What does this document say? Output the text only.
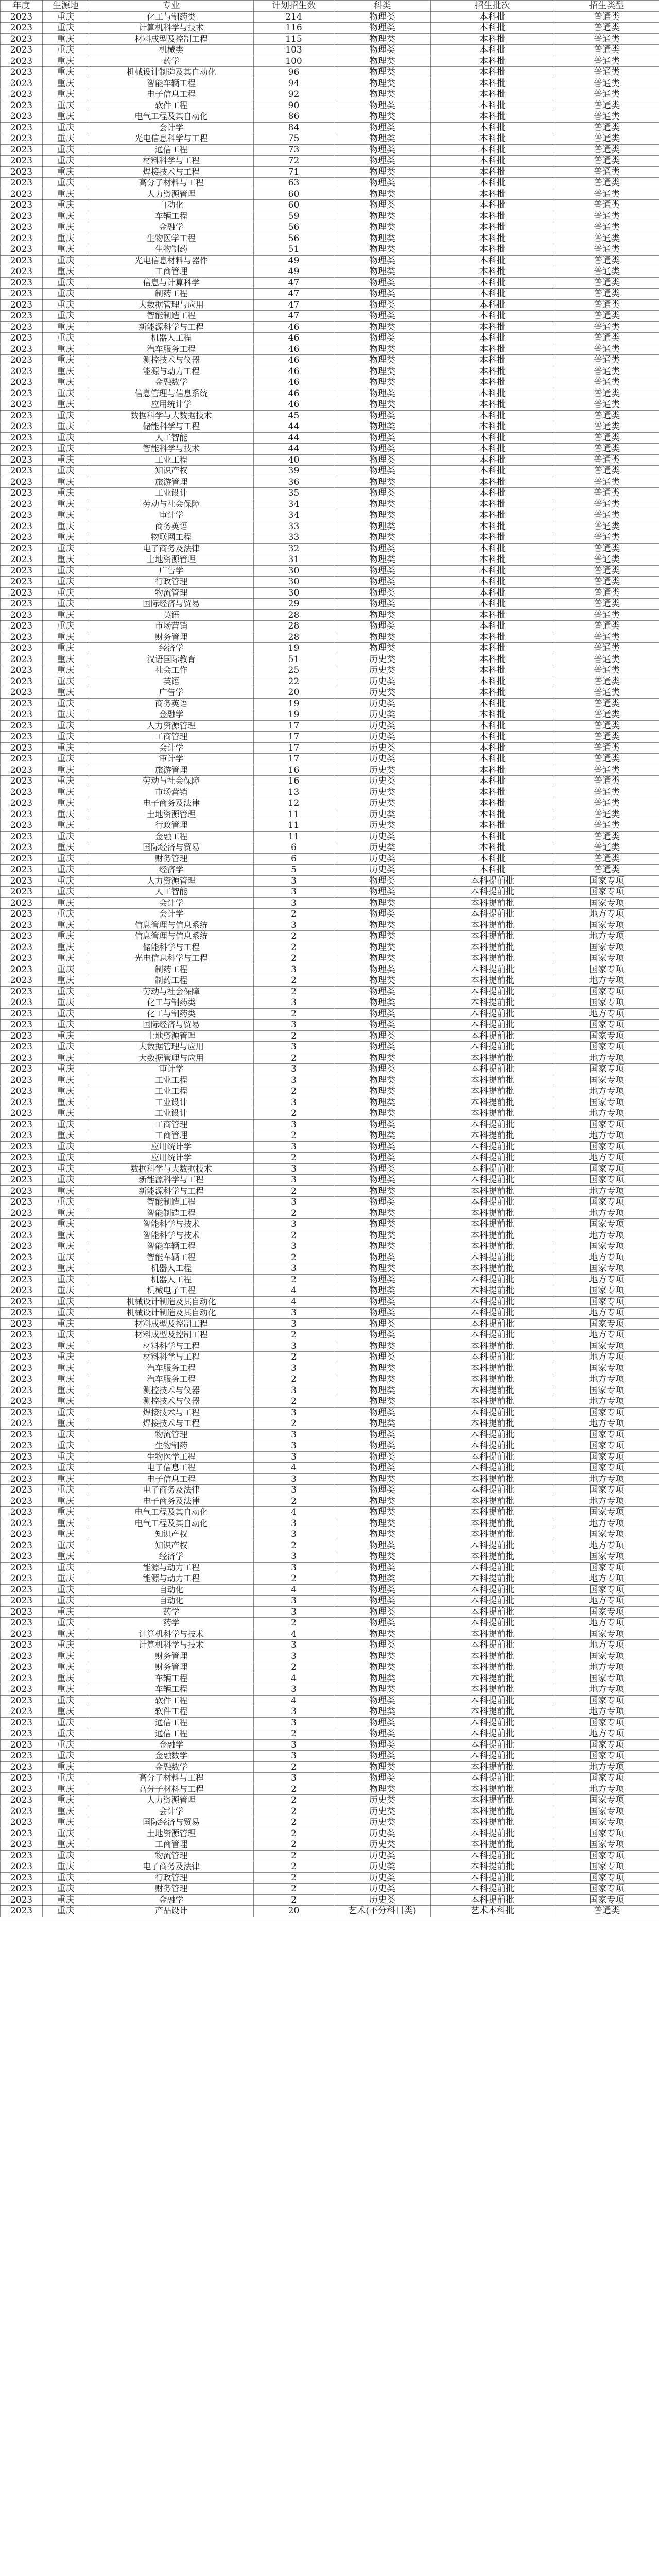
年度	生源地	专业	计划招生数	科类	招生批次	招生类型
2023	重庆	化工与制药类	214	物理类	本科批	普通类
2023	重庆	计算机科学与技术	116	物理类	本科批	普通类
2023	重庆	材料成型及控制工程	115	物理类	本科批	普通类
2023	重庆	机械类	103	物理类	本科批	普通类
2023	重庆	药学	100	物理类	本科批	普通类
2023	重庆	机械设计制造及其自动化	96	物理类	本科批	普通类
2023	重庆	智能车辆工程	94	物理类	本科批	普通类
2023	重庆	电子信息工程	92	物理类	本科批	普通类
2023	重庆	软件工程	90	物理类	本科批	普通类
2023	重庆	电气工程及其自动化	86	物理类	本科批	普通类
2023	重庆	会计学	84	物理类	本科批	普通类
2023	重庆	光电信息科学与工程	75	物理类	本科批	普通类
2023	重庆	通信工程	73	物理类	本科批	普通类
2023	重庆	材料科学与工程	72	物理类	本科批	普通类
2023	重庆	焊接技术与工程	71	物理类	本科批	普通类
2023	重庆	高分子材料与工程	63	物理类	本科批	普通类
2023	重庆	人力资源管理	60	物理类	本科批	普通类
2023	重庆	自动化	60	物理类	本科批	普通类
2023	重庆	车辆工程	59	物理类	本科批	普通类
2023	重庆	金融学	56	物理类	本科批	普通类
2023	重庆	生物医学工程	56	物理类	本科批	普通类
2023	重庆	生物制药	51	物理类	本科批	普通类
2023	重庆	光电信息材料与器件	49	物理类	本科批	普通类
2023	重庆	工商管理	49	物理类	本科批	普通类
2023	重庆	信息与计算科学	47	物理类	本科批	普通类
2023	重庆	制药工程	47	物理类	本科批	普通类
2023	重庆	大数据管理与应用	47	物理类	本科批	普通类
2023	重庆	智能制造工程	47	物理类	本科批	普通类
2023	重庆	新能源科学与工程	46	物理类	本科批	普通类
2023	重庆	机器人工程	46	物理类	本科批	普通类
2023	重庆	汽车服务工程	46	物理类	本科批	普通类
2023	重庆	测控技术与仪器	46	物理类	本科批	普通类
2023	重庆	能源与动力工程	46	物理类	本科批	普通类
2023	重庆	金融数学	46	物理类	本科批	普通类
2023	重庆	信息管理与信息系统	46	物理类	本科批	普通类
2023	重庆	应用统计学	46	物理类	本科批	普通类
2023	重庆	数据科学与大数据技术	45	物理类	本科批	普通类
2023	重庆	储能科学与工程	44	物理类	本科批	普通类
2023	重庆	人工智能	44	物理类	本科批	普通类
2023	重庆	智能科学与技术	44	物理类	本科批	普通类
2023	重庆	工业工程	40	物理类	本科批	普通类
2023	重庆	知识产权	39	物理类	本科批	普通类
2023	重庆	旅游管理	36	物理类	本科批	普通类
2023	重庆	工业设计	35	物理类	本科批	普通类
2023	重庆	劳动与社会保障	34	物理类	本科批	普通类
2023	重庆	审计学	34	物理类	本科批	普通类
2023	重庆	商务英语	33	物理类	本科批	普通类
2023	重庆	物联网工程	33	物理类	本科批	普通类
2023	重庆	电子商务及法律	32	物理类	本科批	普通类
2023	重庆	土地资源管理	31	物理类	本科批	普通类
2023	重庆	广告学	30	物理类	本科批	普通类
2023	重庆	行政管理	30	物理类	本科批	普通类
2023	重庆	物流管理	30	物理类	本科批	普通类
2023	重庆	国际经济与贸易	29	物理类	本科批	普通类
2023	重庆	英语	28	物理类	本科批	普通类
2023	重庆	市场营销	28	物理类	本科批	普通类
2023	重庆	财务管理	28	物理类	本科批	普通类
2023	重庆	经济学	19	物理类	本科批	普通类
2023	重庆	汉语国际教育	51	历史类	本科批	普通类
2023	重庆	社会工作	25	历史类	本科批	普通类
2023	重庆	英语	22	历史类	本科批	普通类
2023	重庆	广告学	20	历史类	本科批	普通类
2023	重庆	商务英语	19	历史类	本科批	普通类
2023	重庆	金融学	19	历史类	本科批	普通类
2023	重庆	人力资源管理	17	历史类	本科批	普通类
2023	重庆	工商管理	17	历史类	本科批	普通类
2023	重庆	会计学	17	历史类	本科批	普通类
2023	重庆	审计学	17	历史类	本科批	普通类
2023	重庆	旅游管理	16	历史类	本科批	普通类
2023	重庆	劳动与社会保障	16	历史类	本科批	普通类
2023	重庆	市场营销	13	历史类	本科批	普通类
2023	重庆	电子商务及法律	12	历史类	本科批	普通类
2023	重庆	土地资源管理	11	历史类	本科批	普通类
2023	重庆	行政管理	11	历史类	本科批	普通类
2023	重庆	金融工程	11	历史类	本科批	普通类
2023	重庆	国际经济与贸易	6	历史类	本科批	普通类
2023	重庆	财务管理	6	历史类	本科批	普通类
2023	重庆	经济学	5	历史类	本科批	普通类
2023	重庆	人力资源管理	3	物理类	本科提前批	国家专项
2023	重庆	人工智能	3	物理类	本科提前批	国家专项
2023	重庆	会计学	3	物理类	本科提前批	国家专项
2023	重庆	会计学	2	物理类	本科提前批	地方专项
2023	重庆	信息管理与信息系统	3	物理类	本科提前批	国家专项
2023	重庆	信息管理与信息系统	2	物理类	本科提前批	地方专项
2023	重庆	储能科学与工程	2	物理类	本科提前批	国家专项
2023	重庆	光电信息科学与工程	2	物理类	本科提前批	国家专项
2023	重庆	制药工程	3	物理类	本科提前批	国家专项
2023	重庆	制药工程	2	物理类	本科提前批	地方专项
2023	重庆	劳动与社会保障	2	物理类	本科提前批	国家专项
2023	重庆	化工与制药类	3	物理类	本科提前批	国家专项
2023	重庆	化工与制药类	2	物理类	本科提前批	地方专项
2023	重庆	国际经济与贸易	3	物理类	本科提前批	国家专项
2023	重庆	土地资源管理	2	物理类	本科提前批	国家专项
2023	重庆	大数据管理与应用	3	物理类	本科提前批	国家专项
2023	重庆	大数据管理与应用	2	物理类	本科提前批	地方专项
2023	重庆	审计学	3	物理类	本科提前批	国家专项
2023	重庆	工业工程	3	物理类	本科提前批	国家专项
2023	重庆	工业工程	2	物理类	本科提前批	地方专项
2023	重庆	工业设计	3	物理类	本科提前批	国家专项
2023	重庆	工业设计	2	物理类	本科提前批	地方专项
2023	重庆	工商管理	3	物理类	本科提前批	国家专项
2023	重庆	工商管理	2	物理类	本科提前批	地方专项
2023	重庆	应用统计学	3	物理类	本科提前批	国家专项
2023	重庆	应用统计学	2	物理类	本科提前批	地方专项
2023	重庆	数据科学与大数据技术	3	物理类	本科提前批	国家专项
2023	重庆	新能源科学与工程	3	物理类	本科提前批	国家专项
2023	重庆	新能源科学与工程	2	物理类	本科提前批	地方专项
2023	重庆	智能制造工程	3	物理类	本科提前批	国家专项
2023	重庆	智能制造工程	2	物理类	本科提前批	地方专项
2023	重庆	智能科学与技术	3	物理类	本科提前批	国家专项
2023	重庆	智能科学与技术	2	物理类	本科提前批	地方专项
2023	重庆	智能车辆工程	3	物理类	本科提前批	国家专项
2023	重庆	智能车辆工程	2	物理类	本科提前批	地方专项
2023	重庆	机器人工程	3	物理类	本科提前批	国家专项
2023	重庆	机器人工程	2	物理类	本科提前批	地方专项
2023	重庆	机械电子工程	4	物理类	本科提前批	国家专项
2023	重庆	机械设计制造及其自动化	4	物理类	本科提前批	国家专项
2023	重庆	机械设计制造及其自动化	3	物理类	本科提前批	地方专项
2023	重庆	材料成型及控制工程	3	物理类	本科提前批	国家专项
2023	重庆	材料成型及控制工程	2	物理类	本科提前批	地方专项
2023	重庆	材料科学与工程	3	物理类	本科提前批	国家专项
2023	重庆	材料科学与工程	2	物理类	本科提前批	地方专项
2023	重庆	汽车服务工程	3	物理类	本科提前批	国家专项
2023	重庆	汽车服务工程	2	物理类	本科提前批	地方专项
2023	重庆	测控技术与仪器	3	物理类	本科提前批	国家专项
2023	重庆	测控技术与仪器	2	物理类	本科提前批	地方专项
2023	重庆	焊接技术与工程	3	物理类	本科提前批	国家专项
2023	重庆	焊接技术与工程	2	物理类	本科提前批	地方专项
2023	重庆	物流管理	3	物理类	本科提前批	国家专项
2023	重庆	生物制药	3	物理类	本科提前批	国家专项
2023	重庆	生物医学工程	3	物理类	本科提前批	国家专项
2023	重庆	电子信息工程	4	物理类	本科提前批	国家专项
2023	重庆	电子信息工程	3	物理类	本科提前批	地方专项
2023	重庆	电子商务及法律	3	物理类	本科提前批	国家专项
2023	重庆	电子商务及法律	2	物理类	本科提前批	地方专项
2023	重庆	电气工程及其自动化	4	物理类	本科提前批	国家专项
2023	重庆	电气工程及其自动化	3	物理类	本科提前批	地方专项
2023	重庆	知识产权	3	物理类	本科提前批	国家专项
2023	重庆	知识产权	2	物理类	本科提前批	地方专项
2023	重庆	经济学	3	物理类	本科提前批	国家专项
2023	重庆	能源与动力工程	3	物理类	本科提前批	国家专项
2023	重庆	能源与动力工程	2	物理类	本科提前批	地方专项
2023	重庆	自动化	4	物理类	本科提前批	国家专项
2023	重庆	自动化	3	物理类	本科提前批	地方专项
2023	重庆	药学	3	物理类	本科提前批	国家专项
2023	重庆	药学	2	物理类	本科提前批	地方专项
2023	重庆	计算机科学与技术	4	物理类	本科提前批	国家专项
2023	重庆	计算机科学与技术	3	物理类	本科提前批	地方专项
2023	重庆	财务管理	3	物理类	本科提前批	国家专项
2023	重庆	财务管理	2	物理类	本科提前批	地方专项
2023	重庆	车辆工程	4	物理类	本科提前批	国家专项
2023	重庆	车辆工程	3	物理类	本科提前批	地方专项
2023	重庆	软件工程	4	物理类	本科提前批	国家专项
2023	重庆	软件工程	3	物理类	本科提前批	地方专项
2023	重庆	通信工程	3	物理类	本科提前批	国家专项
2023	重庆	通信工程	2	物理类	本科提前批	地方专项
2023	重庆	金融学	3	物理类	本科提前批	国家专项
2023	重庆	金融数学	3	物理类	本科提前批	国家专项
2023	重庆	金融数学	2	物理类	本科提前批	地方专项
2023	重庆	高分子材料与工程	3	物理类	本科提前批	国家专项
2023	重庆	高分子材料与工程	2	物理类	本科提前批	地方专项
2023	重庆	人力资源管理	2	历史类	本科提前批	国家专项
2023	重庆	会计学	2	历史类	本科提前批	国家专项
2023	重庆	国际经济与贸易	2	历史类	本科提前批	国家专项
2023	重庆	土地资源管理	2	历史类	本科提前批	国家专项
2023	重庆	工商管理	2	历史类	本科提前批	国家专项
2023	重庆	物流管理	2	历史类	本科提前批	国家专项
2023	重庆	电子商务及法律	2	历史类	本科提前批	国家专项
2023	重庆	行政管理	2	历史类	本科提前批	国家专项
2023	重庆	财务管理	2	历史类	本科提前批	国家专项
2023	重庆	金融学	2	历史类	本科提前批	国家专项
2023	重庆	产品设计	20	艺术(不分科目类)	艺术本科批	普通类
